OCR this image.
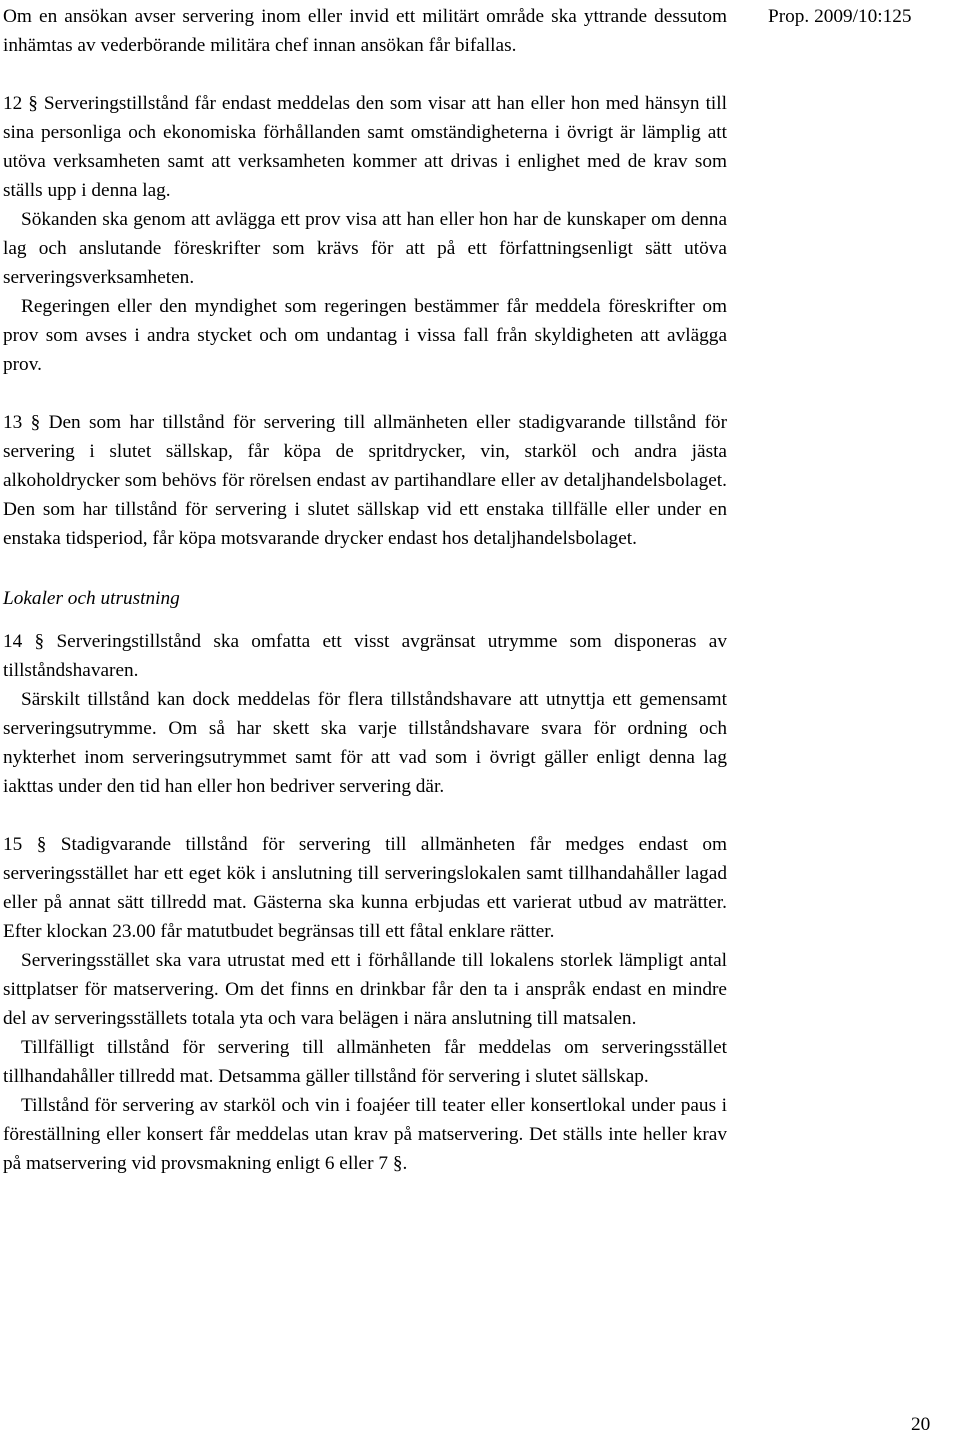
Prop. 2009/10:125

Om en ansökan avser servering inom eller invid ett militärt område ska yttrande dessutom inhämtas av vederbörande militära chef innan ansökan får bifallas.

12 § Serveringstillstånd får endast meddelas den som visar att han eller hon med hänsyn till sina personliga och ekonomiska förhållanden samt omständigheterna i övrigt är lämplig att utöva verksamheten samt att verksamheten kommer att drivas i enlighet med de krav som ställs upp i denna lag.

Sökanden ska genom att avlägga ett prov visa att han eller hon har de kunskaper om denna lag och anslutande föreskrifter som krävs för att på ett författningsenligt sätt utöva serveringsverksamheten.

Regeringen eller den myndighet som regeringen bestämmer får meddela föreskrifter om prov som avses i andra stycket och om undantag i vissa fall från skyldigheten att avlägga prov.

13 § Den som har tillstånd för servering till allmänheten eller stadigvarande tillstånd för servering i slutet sällskap, får köpa de spritdrycker, vin, starköl och andra jästa alkoholdrycker som behövs för rörelsen endast av partihandlare eller av detaljhandelsbolaget. Den som har tillstånd för servering i slutet sällskap vid ett enstaka tillfälle eller under en enstaka tidsperiod, får köpa motsvarande drycker endast hos detaljhandelsbolaget.

Lokaler och utrustning

14 § Serveringstillstånd ska omfatta ett visst avgränsat utrymme som disponeras av tillståndshavaren.

Särskilt tillstånd kan dock meddelas för flera tillståndshavare att utnyttja ett gemensamt serveringsutrymme. Om så har skett ska varje tillståndshavare svara för ordning och nykterhet inom serveringsutrymmet samt för att vad som i övrigt gäller enligt denna lag iakttas under den tid han eller hon bedriver servering där.

15 § Stadigvarande tillstånd för servering till allmänheten får medges endast om serveringsstället har ett eget kök i anslutning till serveringslokalen samt tillhandahåller lagad eller på annat sätt tillredd mat. Gästerna ska kunna erbjudas ett varierat utbud av maträtter. Efter klockan 23.00 får matutbudet begränsas till ett fåtal enklare rätter.

Serveringsstället ska vara utrustat med ett i förhållande till lokalens storlek lämpligt antal sittplatser för matservering. Om det finns en drinkbar får den ta i anspråk endast en mindre del av serveringsställets totala yta och vara belägen i nära anslutning till matsalen.

Tillfälligt tillstånd för servering till allmänheten får meddelas om serveringsstället tillhandahåller tillredd mat. Detsamma gäller tillstånd för servering i slutet sällskap.

Tillstånd för servering av starköl och vin i foajéer till teater eller konsertlokal under paus i föreställning eller konsert får meddelas utan krav på matservering. Det ställs inte heller krav på matservering vid provsmakning enligt 6 eller 7 §.

20
